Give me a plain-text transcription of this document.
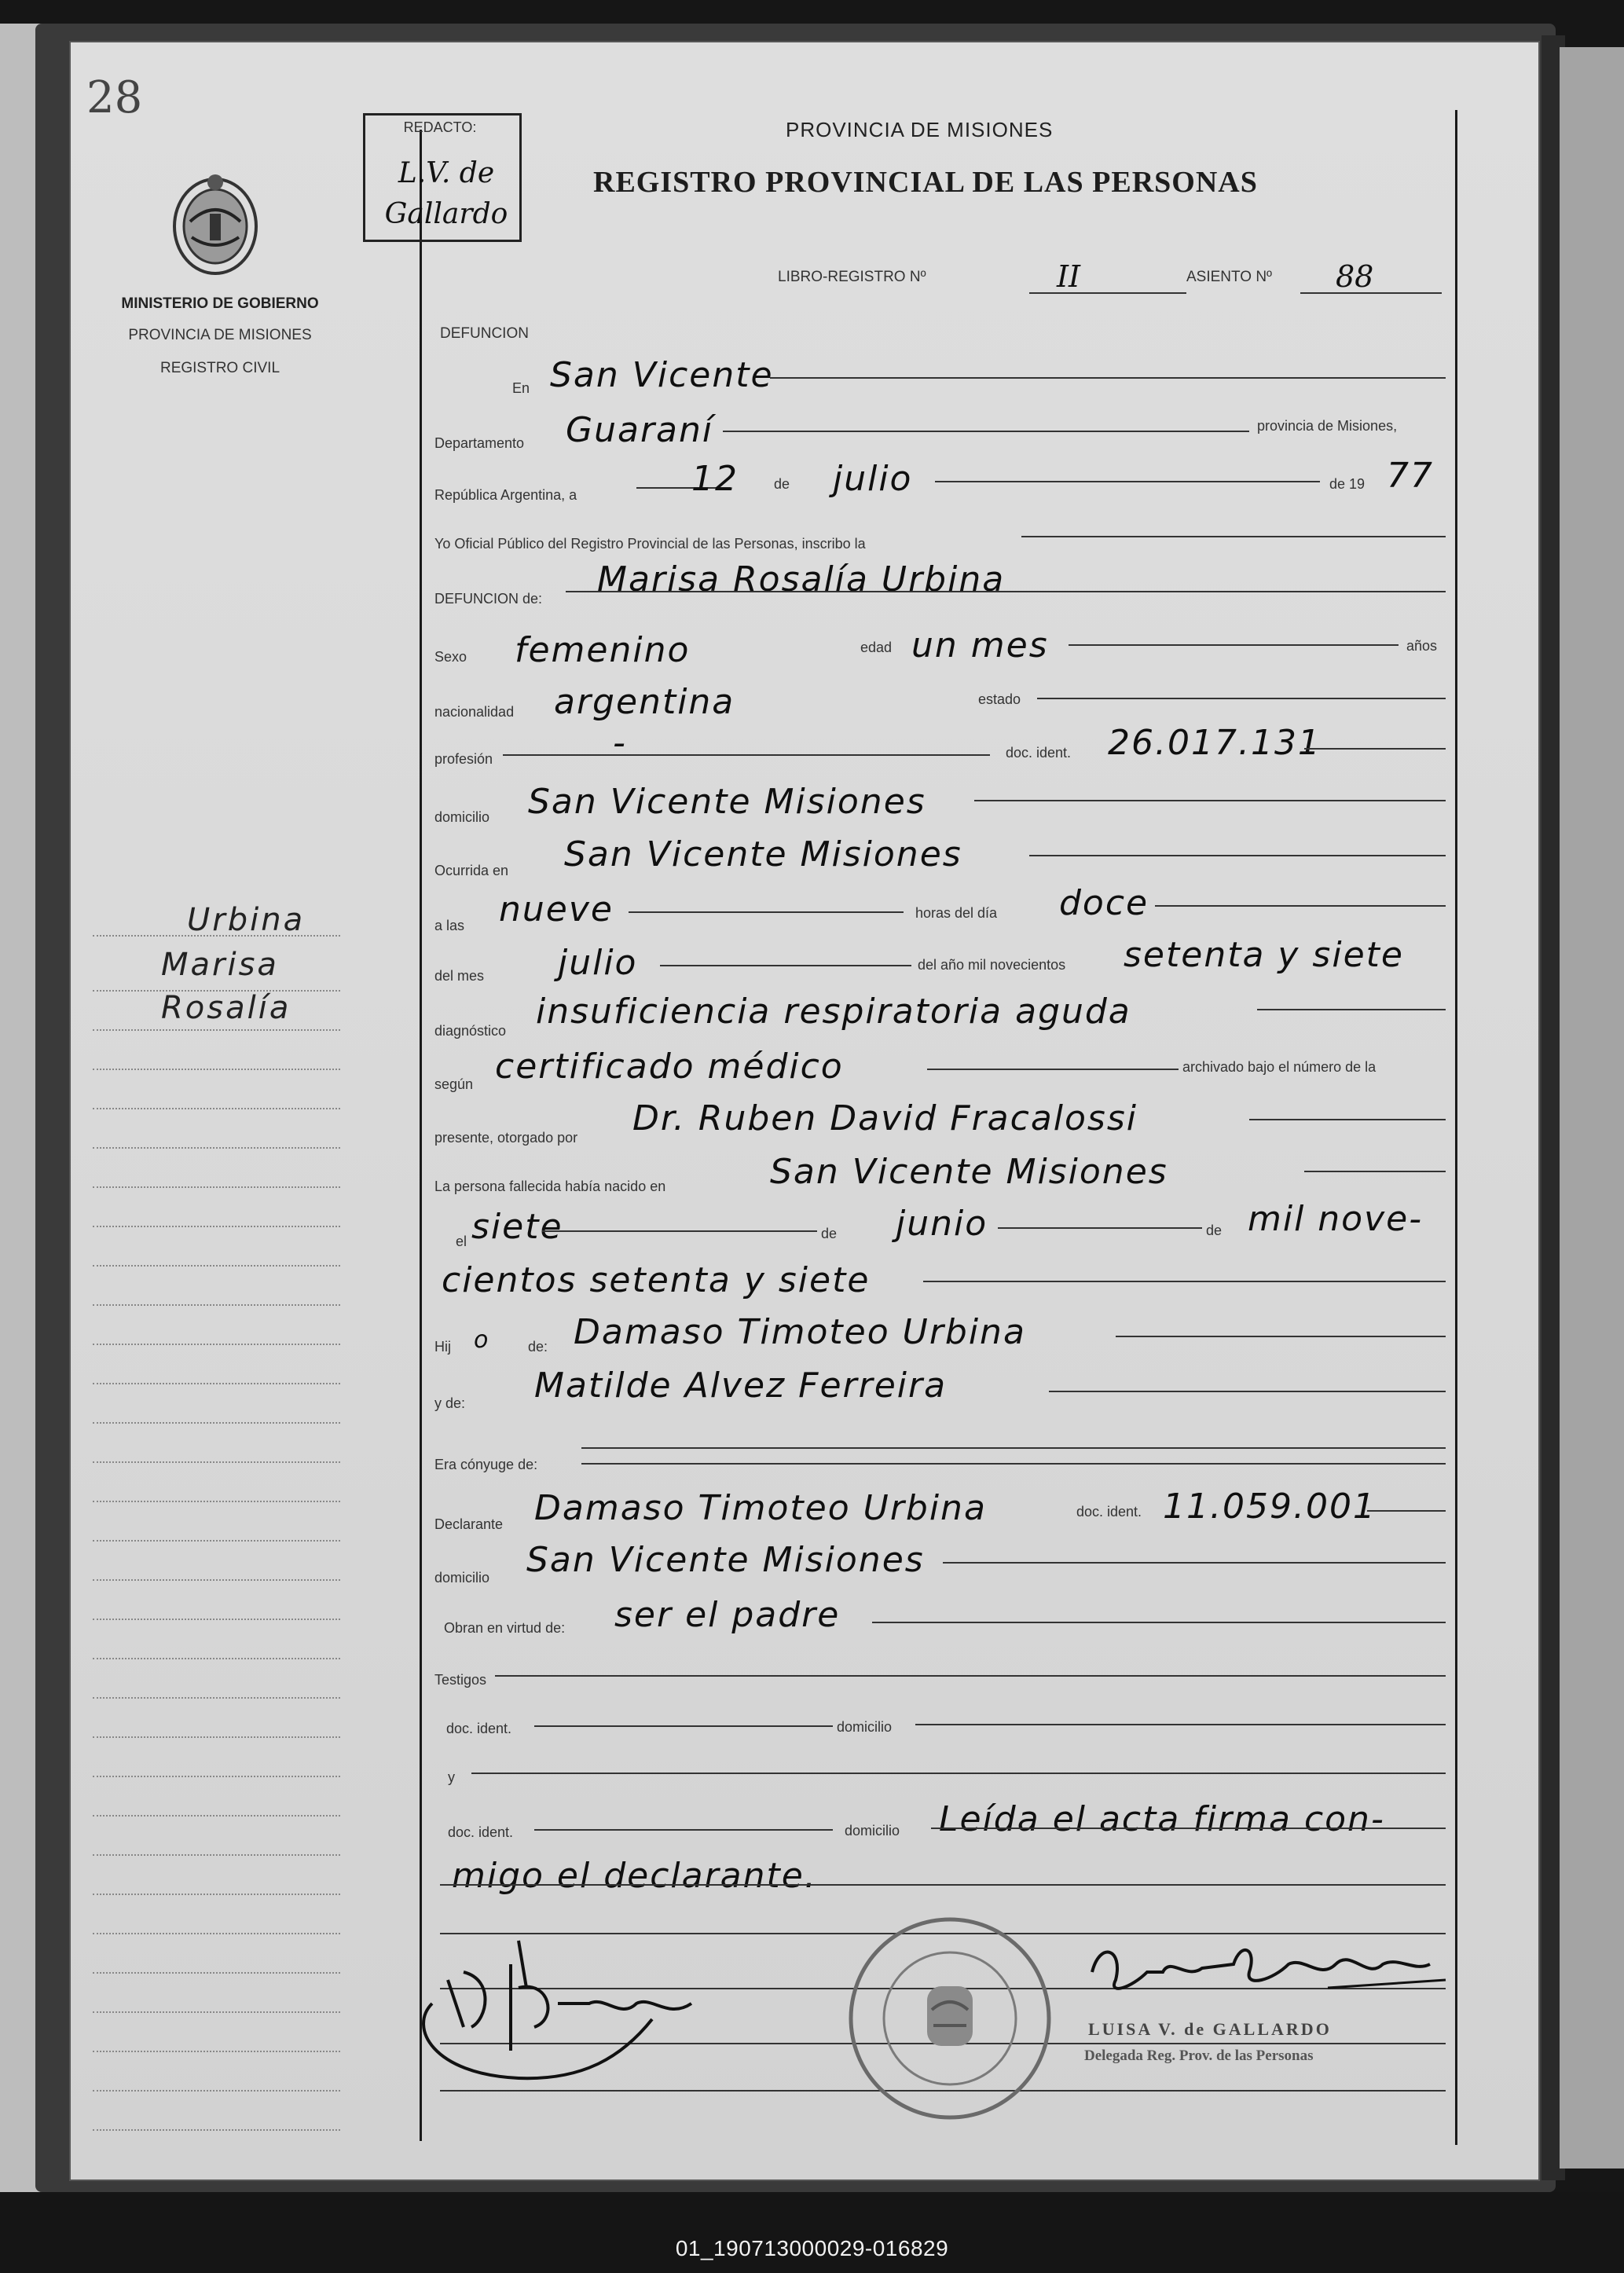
28
MINISTERIO DE GOBIERNO
PROVINCIA DE MISIONES
REGISTRO CIVIL
REDACTO:
L.V. de
Gallardo
PROVINCIA DE MISIONES
REGISTRO PROVINCIAL DE LAS PERSONAS
LIBRO-REGISTRO Nº	II	ASIENTO Nº 88
DEFUNCION
Urbina
Marisa
Rosalía
En San Vicente
Departamento Guaraní	provincia de Misiones,
República Argentina, a	12	de julio	de 19 77
Yo Oficial Público del Registro Provincial de las Personas, inscribo la
DEFUNCION de: Marisa Rosalía Urbina
Sexo femenino	edad un mes	años
nacionalidad argentina	estado
profesión	-	doc. ident. 26.017.131
domicilio San Vicente Misiones
Ocurrida en San Vicente Misiones
a las nueve	horas del día doce
del mes julio	del año mil novecientos setenta y siete
diagnóstico insuficiencia respiratoria aguda
según certificado médico	archivado bajo el número de la
presente, otorgado por Dr. Ruben David Fracalossi
La persona fallecida había nacido en	San Vicente Misiones
el siete	de junio	de mil nove-
cientos setenta y siete
Hij o	de: Damaso Timoteo Urbina
y de: Matilde Alvez Ferreira
Era cónyuge de:
Declarante Damaso Timoteo Urbina	doc. ident. 11.059.001
domicilio San Vicente Misiones
Obran en virtud de: ser el padre
Testigos
doc. ident.	domicilio
y
doc. ident.	domicilio Leída el acta firma con-
migo el declarante.
LUISA V. de GALLARDO
Delegada Reg. Prov. de las Personas
01_190713000029-016829
